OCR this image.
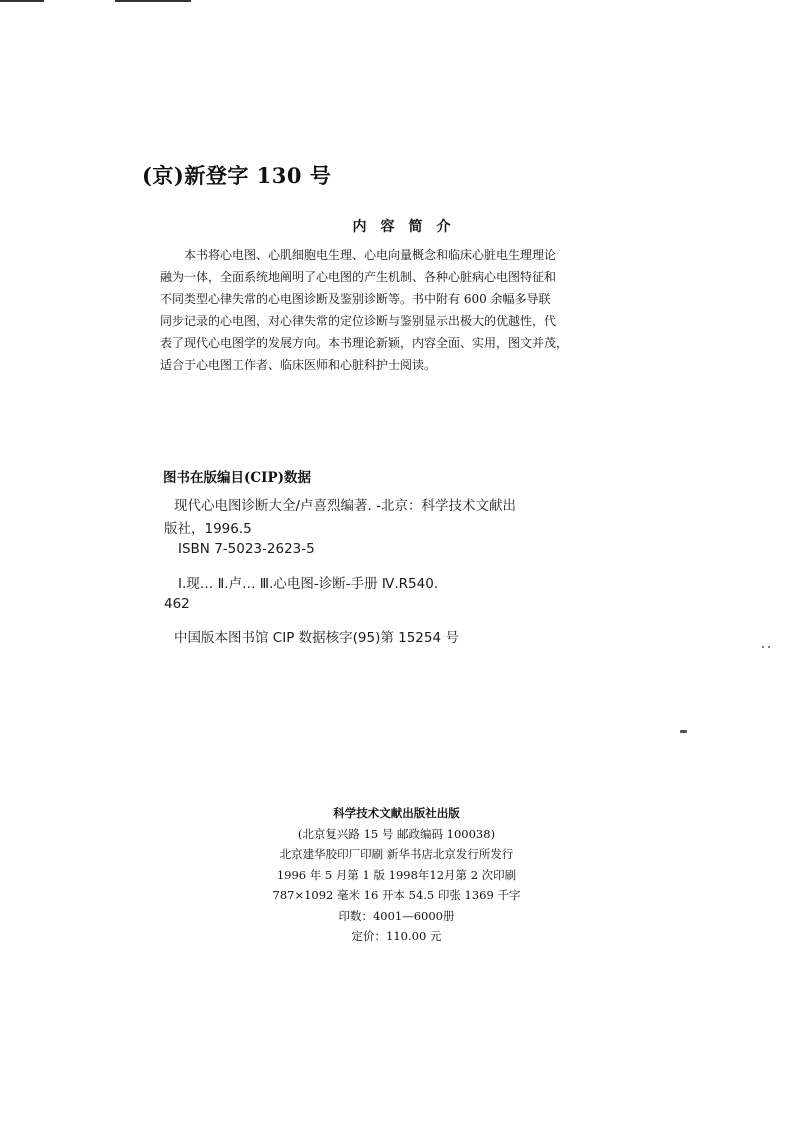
(京)新登字 130 号
内容简介

本书将心电图、心肌细胞电生理、心电向量概念和临床心脏电生理理论

融为一体，全面系统地阐明了心电图的产生机制、各种心脏病心电图特征和

不同类型心律失常的心电图诊断及鉴别诊断等。书中附有 600 余幅多导联

同步记录的心电图，对心律失常的定位诊断与鉴别显示出极大的优越性，代

表了现代心电图学的发展方向。本书理论新颖，内容全面、实用，图文并茂，

适合于心电图工作者、临床医师和心脏科护士阅读。

图书在版编目(CIP)数据
现代心电图诊断大全/卢喜烈编著. -北京：科学技术文献出
版社，1996.5
ISBN 7-5023-2623-5
Ⅰ.现… Ⅱ.卢… Ⅲ.心电图-诊断-手册 Ⅳ.R540.
462
中国版本图书馆 CIP 数据核字(95)第 15254 号
科学技术文献出版社出版
(北京复兴路 15 号 邮政编码 100038)
北京建华胶印厂印刷 新华书店北京发行所发行
1996 年 5 月第 1 版 1998年12月第 2 次印刷
787×1092 毫米 16 开本 54.5 印张 1369 千字
印数：4001—6000册
定价：110.00 元
